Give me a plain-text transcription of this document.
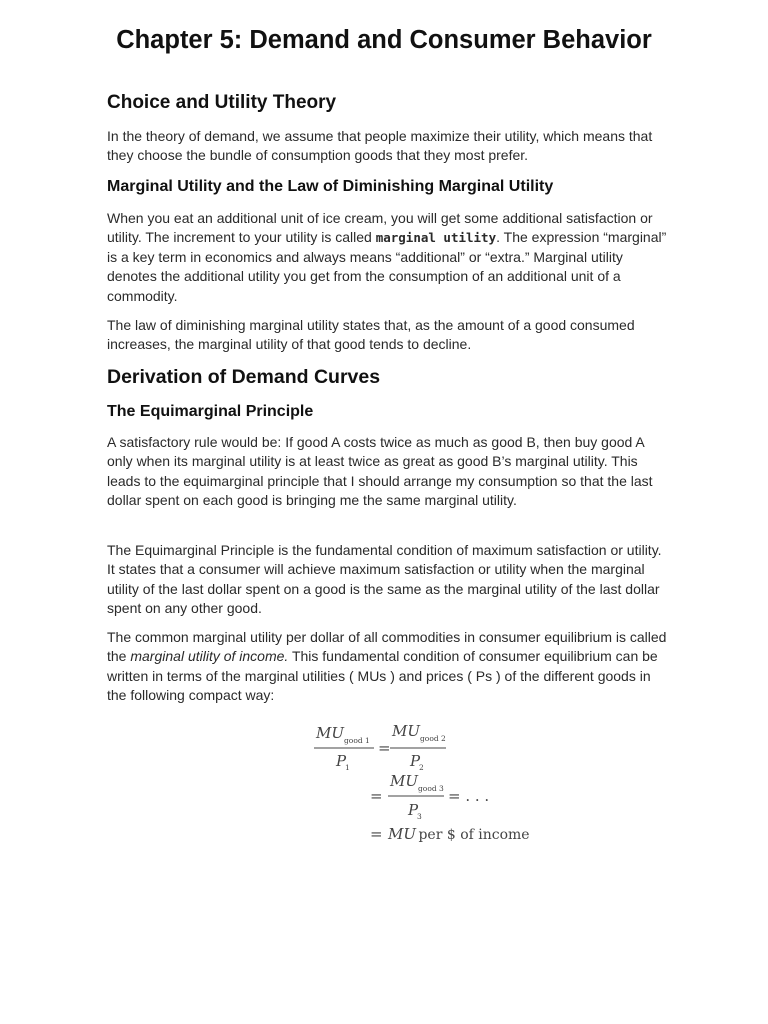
Chapter 5: Demand and Consumer Behavior
Choice and Utility Theory

In the theory of demand, we assume that people maximize their utility, which means that they choose the bundle of consumption goods that they most prefer.

Marginal Utility and the Law of Diminishing Marginal Utility

When you eat an additional unit of ice cream, you will get some additional satisfaction or utility. The increment to your utility is called marginal utility. The expression “marginal” is a key term in economics and always means “additional” or “extra.” Marginal utility denotes the additional utility you get from the consumption of an additional unit of a commodity.

The law of diminishing marginal utility states that, as the amount of a good consumed increases, the marginal utility of that good tends to decline.

Derivation of Demand Curves
The Equimarginal Principle

A satisfactory rule would be: If good A costs twice as much as good B, then buy good A only when its marginal utility is at least twice as great as good B’s marginal utility. This leads to the equimarginal principle that I should arrange my consumption so that the last dollar spent on each good is bringing me the same marginal utility.

The Equimarginal Principle is the fundamental condition of maximum satisfaction or utility. It states that a consumer will achieve maximum satisfaction or utility when the marginal utility of the last dollar spent on a good is the same as the marginal utility of the last dollar spent on any other good.

The common marginal utility per dollar of all commodities in consumer equilibrium is called the marginal utility of income. This fundamental condition of consumer equilibrium can be written in terms of the marginal utilities ( MUs ) and prices ( Ps ) of the different goods in the following compact way:

MU good 1
P
1
=
MU good 2
P
2
=
MU good 3
P
3
= . . .
= MU
per $ of income
